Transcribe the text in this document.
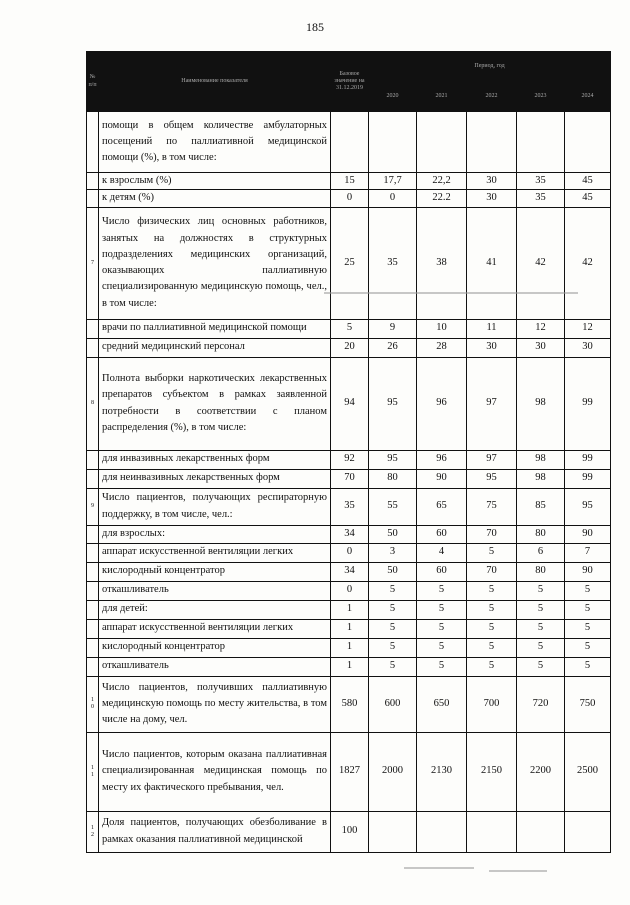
185
№ п/п	Наименование показателя	Базовое значение на 31.12.2019	Период, год				
			2020	2021	2022	2023	2024

	помощи в общем количестве амбулаторных посещений по паллиативной медицинской помощи (%), в том числе:						

	к взрослым (%)	15	17,7	22,2	30	35	45

	к детям (%)	0	0	22.2	30	35	45

7	Число физических лиц основных работников, занятых на должностях в структурных подразделениях медицинских организаций, оказывающих паллиативную специализированную медицинскую помощь, чел., в том числе:	25	35	38	41	42	42

	врачи по паллиативной медицинской помощи	5	9	10	11	12	12

	средний медицинский персонал	20	26	28	30	30	30

8	Полнота выборки наркотических лекарственных препаратов субъектом в рамках заявленной потребности в соответствии с планом распределения (%), в том числе:	94	95	96	97	98	99

	для инвазивных лекарственных форм	92	95	96	97	98	99

	для неинвазивных лекарственных форм	70	80	90	95	98	99

9	Число пациентов, получающих респираторную поддержку, в том числе, чел.:	35	55	65	75	85	95

	для взрослых:	34	50	60	70	80	90

	аппарат искусственной вентиляции легких	0	3	4	5	6	7

	кислородный концентратор	34	50	60	70	80	90

	откашливатель	0	5	5	5	5	5

	для детей:	1	5	5	5	5	5

	аппарат искусственной вентиляции легких	1	5	5	5	5	5

	кислородный концентратор	1	5	5	5	5	5

	откашливатель	1	5	5	5	5	5

10	Число пациентов, получивших паллиативную медицинскую помощь по месту жительства, в том числе на дому, чел.	580	600	650	700	720	750

11	Число пациентов, которым оказана паллиативная специализированная медицинская помощь по месту их фактического пребывания, чел.	1827	2000	2130	2150	2200	2500

12	Доля пациентов, получающих обезболивание в рамках оказания паллиативной медицинской	100					
